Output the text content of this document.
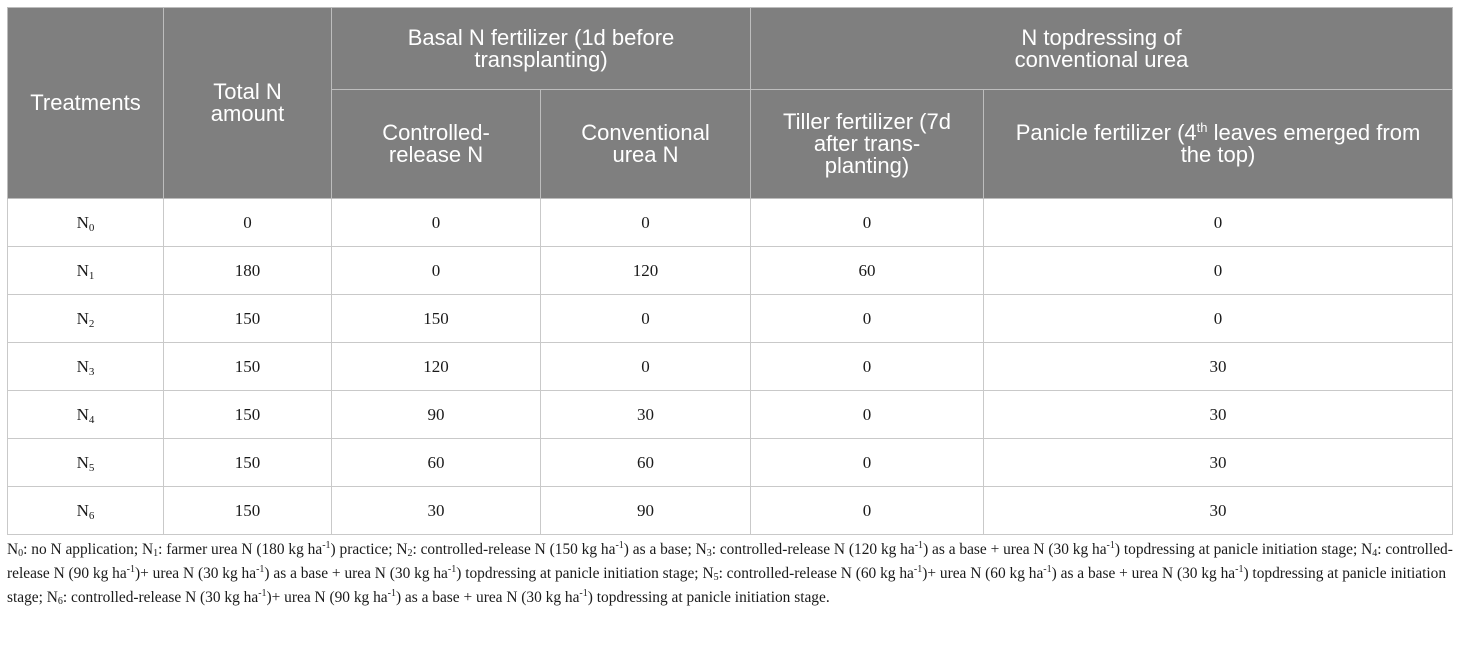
Treatments	Total N amount	Basal N fertilizer (1d before transplanting)		N topdressing of conventional urea	

		Controlled-release N	Conventional urea N	Tiller fertilizer (7d after trans-planting)	Panicle fertilizer (4th leaves emerged from the top)

$N_0$	0	0	0	0	0
$N_1$	180	0	120	60	0
$N_2$	150	150	0	0	0
$N_3$	150	120	0	0	30
$N_4$	150	90	30	0	30
$N_5$	150	60	60	0	30
$N_6$	150	30	90	0	30
$N_0$: no N application; $N_1$: farmer urea N (180 kg $ha^{-1}$) practice; $N_2$: controlled-release N (150 kg $ha^{-1}$) as a base; $N_3$: controlled-release N (120 kg $ha^{-1}$) as a base + urea N (30 kg $ha^{-1}$) topdressing at panicle initiation stage; $N_4$: controlled-release N (90 kg $ha^{-1})+$ urea N (30 kg $ha^{-1}$) as a base + urea N (30 kg $ha^{-1}$) topdressing at panicle initiation stage; $N_5$: controlled-release N (60 kg $ha^{-1})+$ urea N (60 kg $ha^{-1}$) as a base + urea N (30 kg $ha^{-1}$) topdressing at panicle initiation stage; $N_6$: controlled-release N (30 kg $ha^{-1})+$ urea N (90 kg $ha^{-1}$) as a base + urea N (30 kg $ha^{-1}$) topdressing at panicle initiation stage.
